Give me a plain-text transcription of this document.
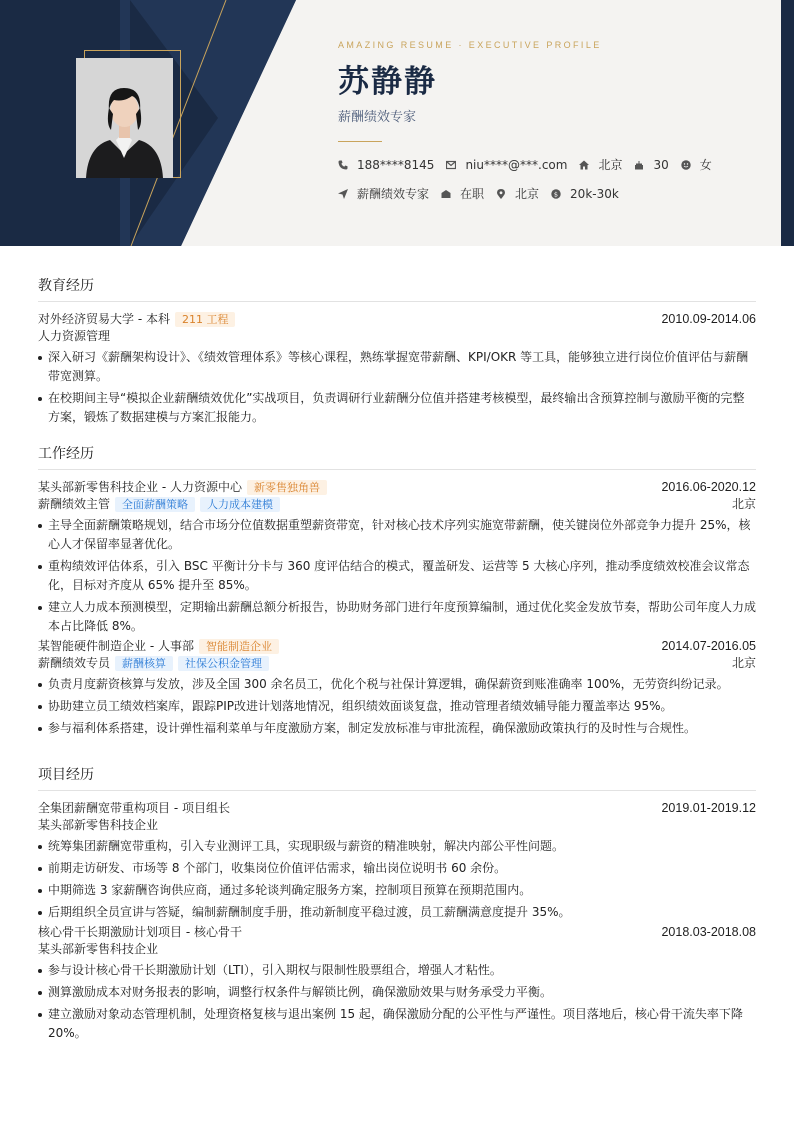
AMAZING RESUME · EXECUTIVE PROFILE
苏静静
薪酬绩效专家
188****8145	niu****@***.com	北京	30	女
薪酬绩效专家	在职	北京 $ 20k-30k
教育经历
对外经济贸易大学 - 本科	211 工程	2010.09-2014.06
人力资源管理
深入研习《薪酬架构设计》、《绩效管理体系》等核心课程，熟练掌握宽带薪酬、KPI/OKR 等工具，能够独立进行岗位价值评估与薪酬带宽测算。
在校期间主导“模拟企业薪酬绩效优化”实战项目，负责调研行业薪酬分位值并搭建考核模型，最终输出含预算控制与激励平衡的完整方案，锻炼了数据建模与方案汇报能力。
工作经历
某头部新零售科技企业 - 人力资源中心	新零售独角兽	2016.06-2020.12
薪酬绩效主管	全面薪酬策略	人力成本建模	北京
主导全面薪酬策略规划，结合市场分位值数据重塑薪资带宽，针对核心技术序列实施宽带薪酬，使关键岗位外部竞争力提升 25%，核心人才保留率显著优化。
重构绩效评估体系，引入 BSC 平衡计分卡与 360 度评估结合的模式，覆盖研发、运营等 5 大核心序列，推动季度绩效校准会议常态化，目标对齐度从 65% 提升至 85%。
建立人力成本预测模型，定期输出薪酬总额分析报告，协助财务部门进行年度预算编制，通过优化奖金发放节奏，帮助公司年度人力成本占比降低 8%。
某智能硬件制造企业 - 人事部	智能制造企业	2014.07-2016.05
薪酬绩效专员	薪酬核算	社保公积金管理	北京
负责月度薪资核算与发放，涉及全国 300 余名员工，优化个税与社保计算逻辑，确保薪资到账准确率 100%，无劳资纠纷记录。
协助建立员工绩效档案库，跟踪PIP改进计划落地情况，组织绩效面谈复盘，推动管理者绩效辅导能力覆盖率达 95%。
参与福利体系搭建，设计弹性福利菜单与年度激励方案，制定发放标准与审批流程，确保激励政策执行的及时性与合规性。
项目经历
全集团薪酬宽带重构项目 - 项目组长	2019.01-2019.12
某头部新零售科技企业
统筹集团薪酬宽带重构，引入专业测评工具，实现职级与薪资的精准映射，解决内部公平性问题。
前期走访研发、市场等 8 个部门，收集岗位价值评估需求，输出岗位说明书 60 余份。
中期筛选 3 家薪酬咨询供应商，通过多轮谈判确定服务方案，控制项目预算在预期范围内。
后期组织全员宣讲与答疑，编制薪酬制度手册，推动新制度平稳过渡，员工薪酬满意度提升 35%。
核心骨干长期激励计划项目 - 核心骨干	2018.03-2018.08
某头部新零售科技企业
参与设计核心骨干长期激励计划（LTI），引入期权与限制性股票组合，增强人才粘性。
测算激励成本对财务报表的影响，调整行权条件与解锁比例，确保激励效果与财务承受力平衡。
建立激励对象动态管理机制，处理资格复核与退出案例 15 起，确保激励分配的公平性与严谨性。项目落地后，核心骨干流失率下降 20%。
